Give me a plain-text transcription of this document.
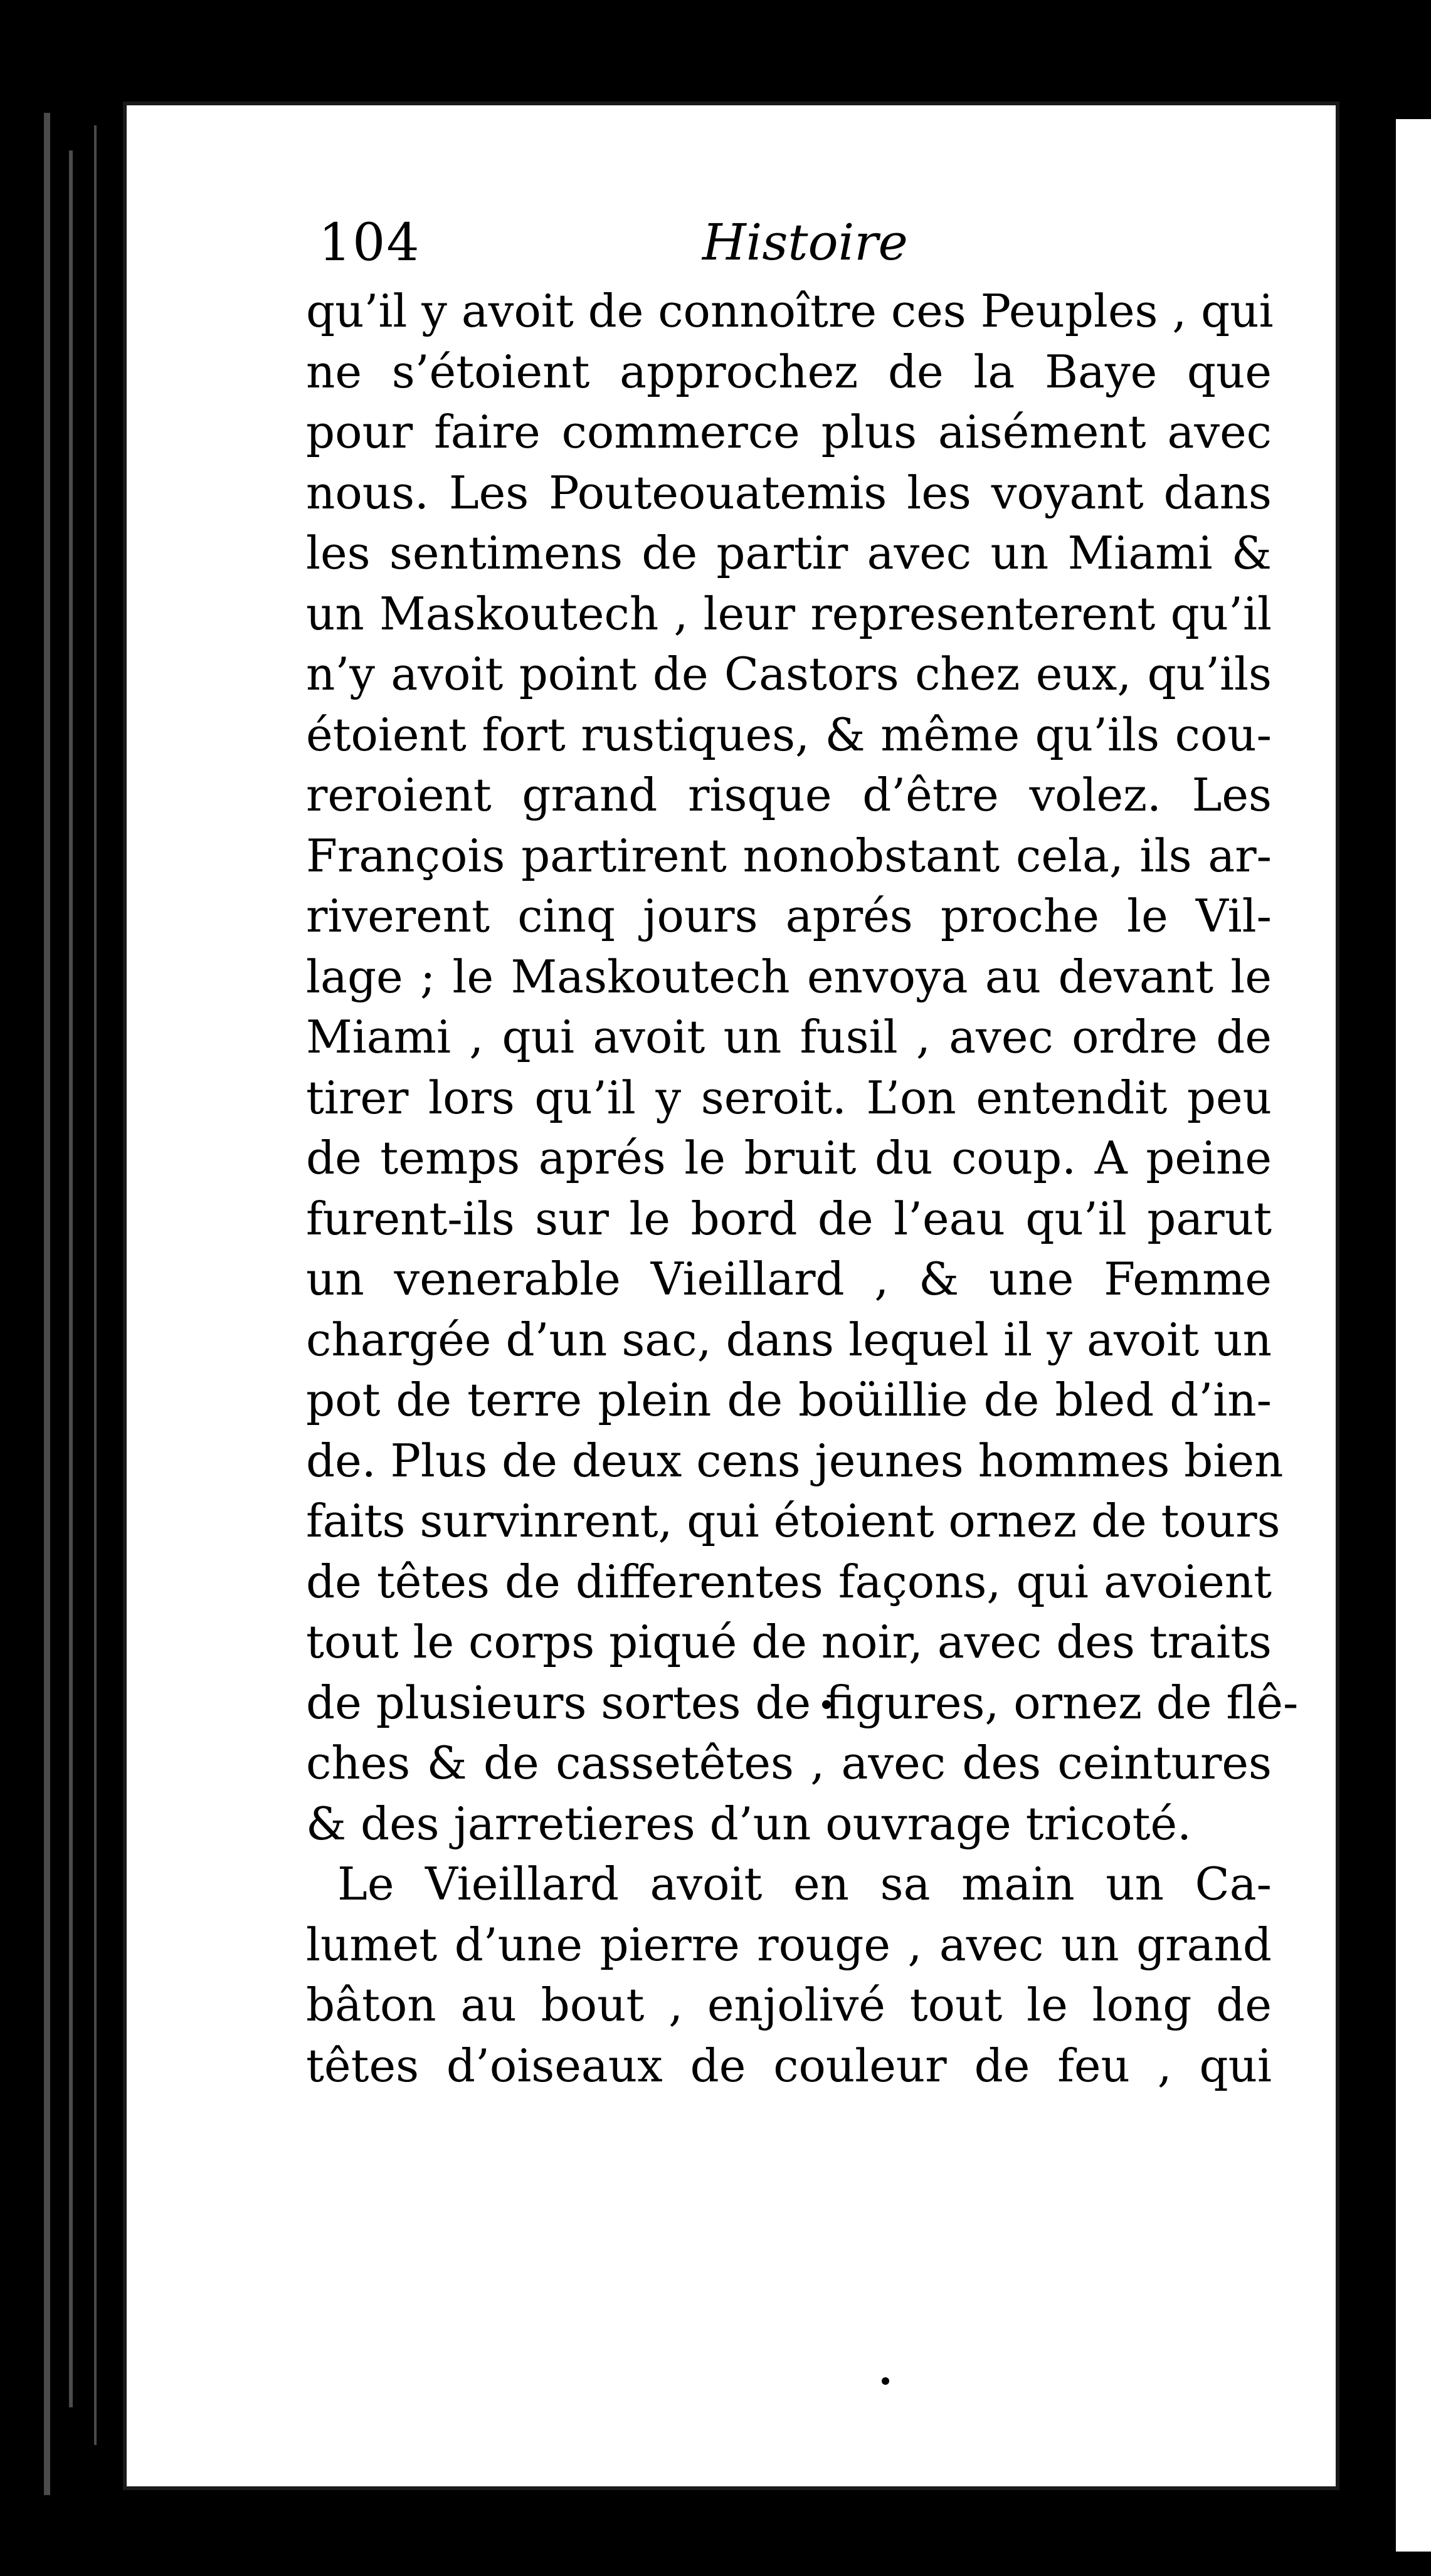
104	Histoire
qu’il y avoit de connoître ces Peuples , qui
ne s’étoient approchez de la Baye que
pour faire commerce plus aisément avec
nous. Les Pouteouatemis les voyant dans
les sentimens de partir avec un Miami &
un Maskoutech , leur representerent qu’il
n’y avoit point de Castors chez eux, qu’ils
étoient fort rustiques, & même qu’ils cou-
reroient grand risque d’être volez. Les
François partirent nonobstant cela, ils ar-
riverent cinq jours aprés proche le Vil-
lage ; le Maskoutech envoya au devant le
Miami , qui avoit un fusil , avec ordre de
tirer lors qu’il y seroit. L’on entendit peu
de temps aprés le bruit du coup. A peine
furent-ils sur le bord de l’eau qu’il parut
un venerable Vieillard , & une Femme
chargée d’un sac, dans lequel il y avoit un
pot de terre plein de boüillie de bled d’in-
de. Plus de deux cens jeunes hommes bien
faits survinrent, qui étoient ornez de tours
de têtes de differentes façons, qui avoient
tout le corps piqué de noir, avec des traits
de plusieurs sortes de figures, ornez de flê-
ches & de cassetêtes , avec des ceintures
& des jarretieres d’un ouvrage tricoté.
Le Vieillard avoit en sa main un Ca-
lumet d’une pierre rouge , avec un grand
bâton au bout , enjolivé tout le long de
têtes d’oiseaux de couleur de feu , qui
